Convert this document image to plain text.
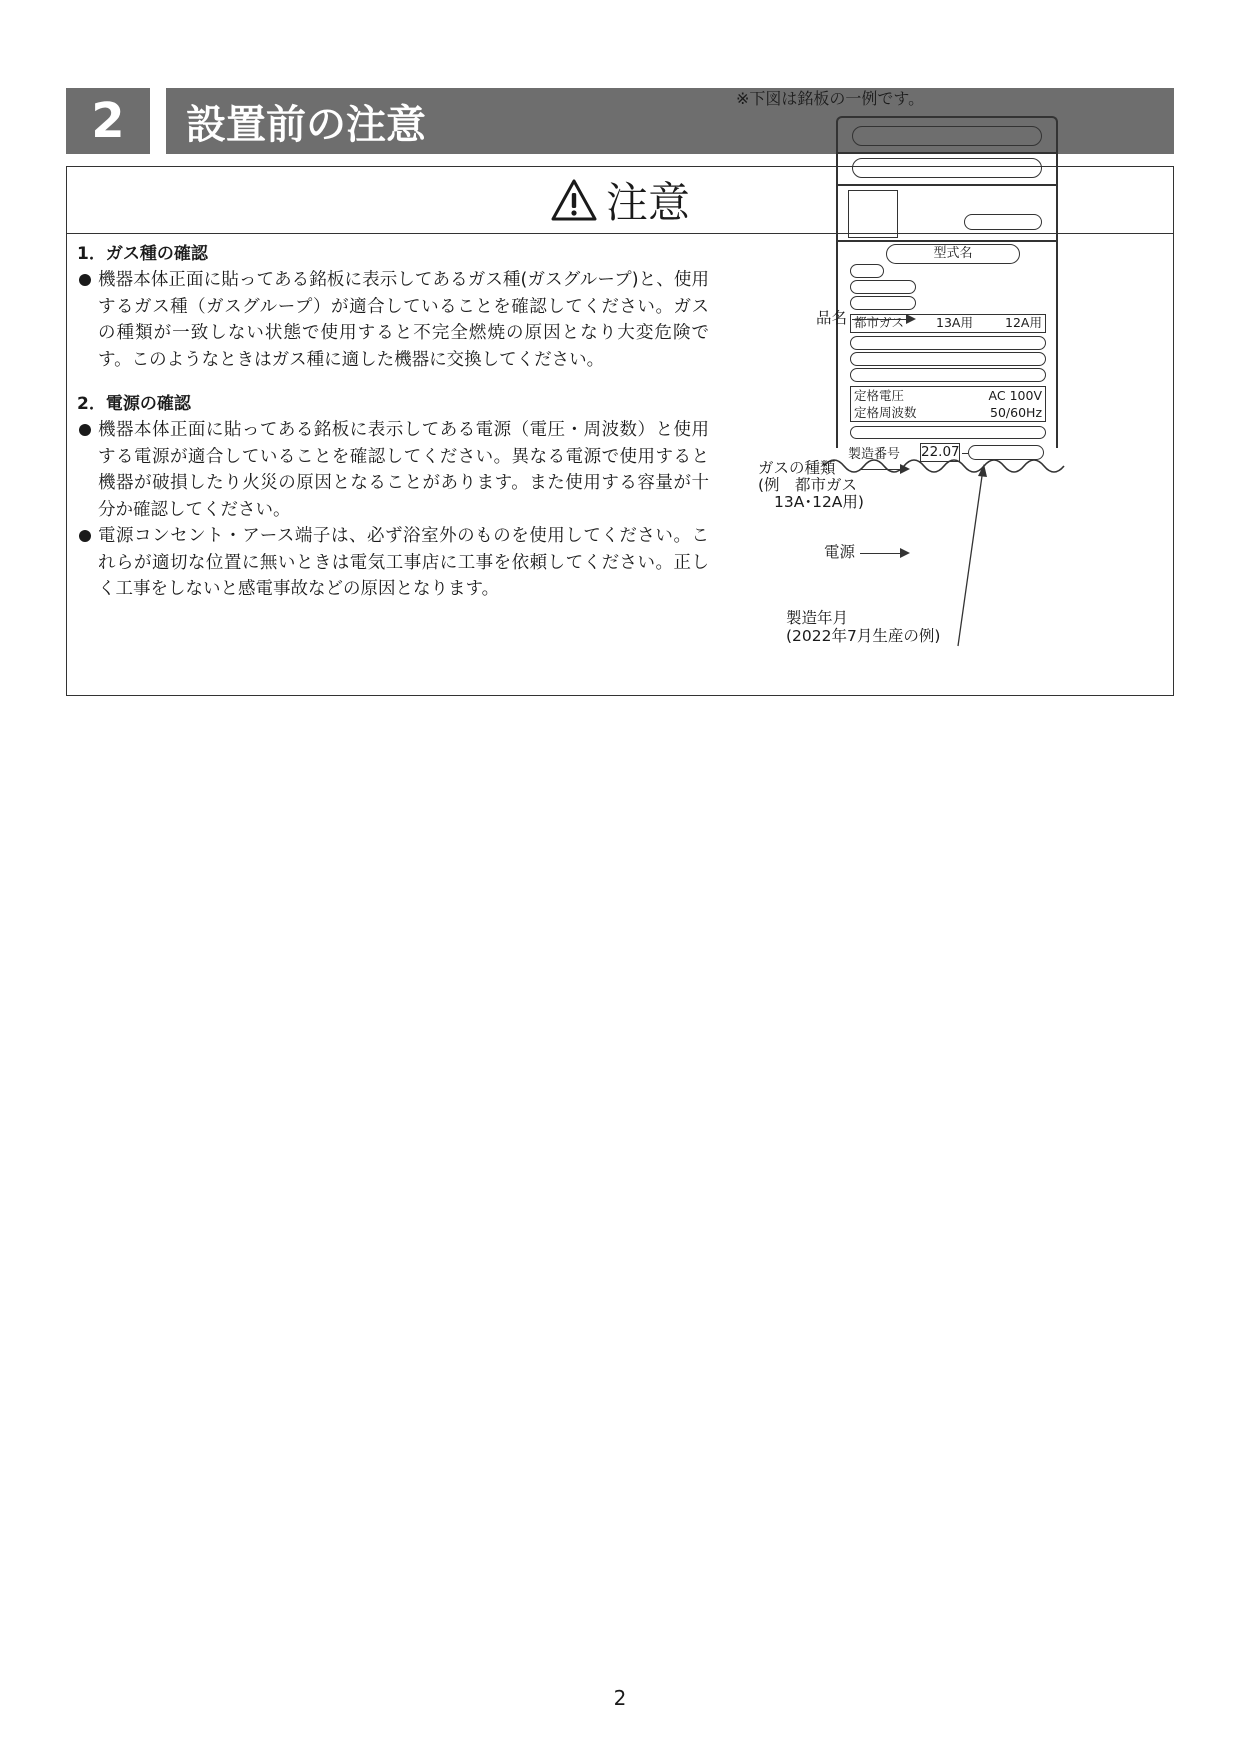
2	設置前の注意
注意
1．ガス種の確認
機器本体正面に貼ってある銘板に表示してあるガス種(ガスグループ)と、使用するガス種（ガスグループ）が適合していることを確認してください。ガスの種類が一致しない状態で使用すると不完全燃焼の原因となり大変危険です。このようなときはガス種に適した機器に交換してください。
2．電源の確認
機器本体正面に貼ってある銘板に表示してある電源（電圧・周波数）と使用する電源が適合していることを確認してください。異なる電源で使用すると機器が破損したり火災の原因となることがあります。また使用する容量が十分か確認してください。
電源コンセント・アース端子は、必ず浴室外のものを使用してください。これらが適切な位置に無いときは電気工事店に工事を依頼してください。正しく工事をしないと感電事故などの原因となります。
※下図は銘板の一例です。
型式名
都市ガス	13A用	12A用
定格電圧	AC 100V
定格周波数	50/60Hz
製造番号 22.07
品名
ガスの種類
(例　都市ガス
13A･12A用)
電源
製造年月
(2022年7月生産の例)
2
